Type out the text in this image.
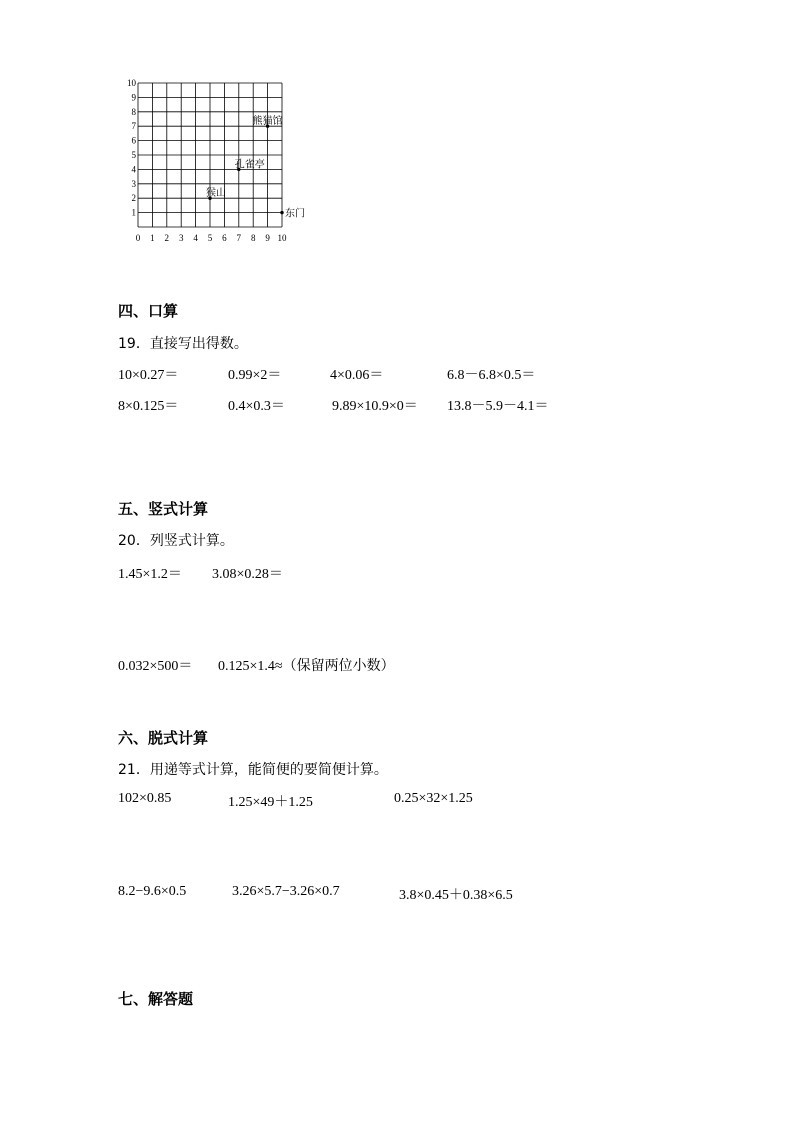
0 1 2 3 4 5 6 7 8 9 10
1
2
3
4
5
6
7
8
9
10
熊猫馆
孔雀亭
猴山
东门
四、口算
19．直接写出得数。
10×0.27＝	0.99×2＝	4×0.06＝	6.8－6.8×0.5＝
8×0.125＝	0.4×0.3＝	9.89×10.9×0＝ 13.8－5.9－4.1＝
五、竖式计算
20．列竖式计算。
1.45×1.2＝ 3.08×0.28＝
0.032×500＝ 0.125×1.4≈（保留两位小数）
六、脱式计算
21．用递等式计算，能简便的要简便计算。
102×0.85	1.25×49＋1.25	0.25×32×1.25
8.2−9.6×0.5	3.26×5.7−3.26×0.7	3.8×0.45＋0.38×6.5
七、解答题
